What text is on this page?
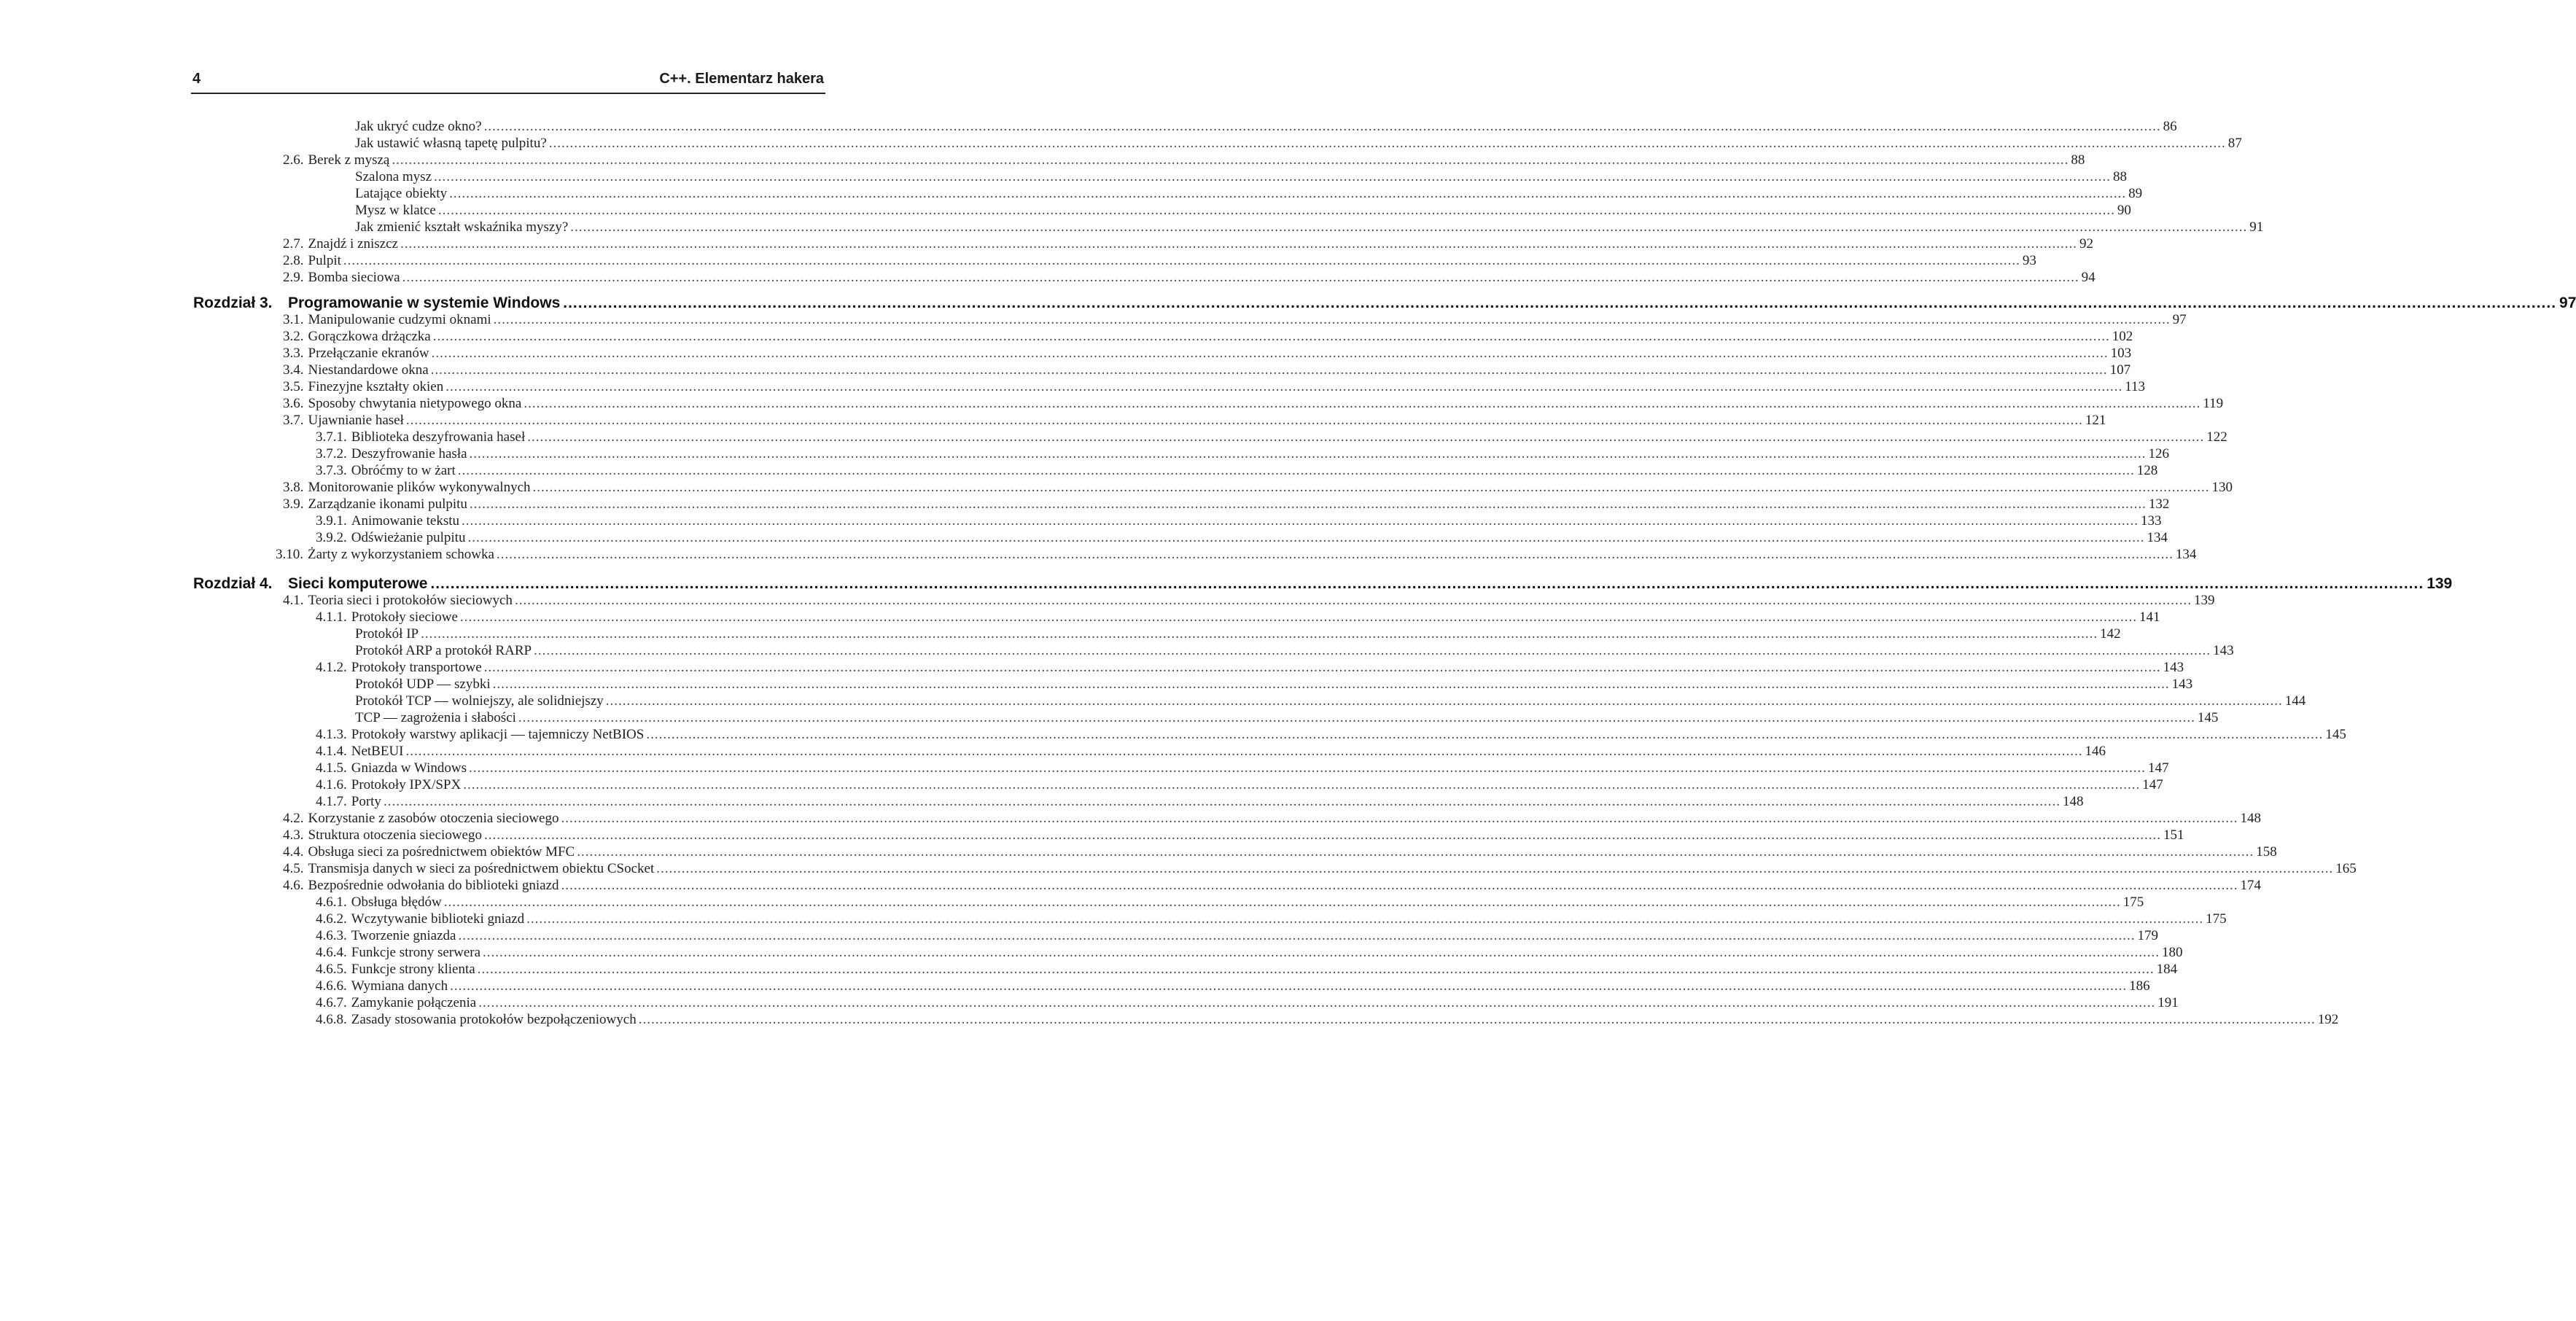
4	C++. Elementarz hakera
Jak ukryć cudze okno? ................................................................................................................................................................................................................................................................................................................................................................................................................ 86
Jak ustawić własną tapetę pulpitu? ................................................................................................................................................................................................................................................................................................................................................................................................................ 87
2.6. Berek z myszą ................................................................................................................................................................................................................................................................................................................................................................................................................ 88
Szalona mysz ................................................................................................................................................................................................................................................................................................................................................................................................................ 88
Latające obiekty ................................................................................................................................................................................................................................................................................................................................................................................................................ 89
Mysz w klatce ................................................................................................................................................................................................................................................................................................................................................................................................................ 90
Jak zmienić kształt wskaźnika myszy? ................................................................................................................................................................................................................................................................................................................................................................................................................ 91
2.7. Znajdź i zniszcz ................................................................................................................................................................................................................................................................................................................................................................................................................ 92
2.8. Pulpit ................................................................................................................................................................................................................................................................................................................................................................................................................ 93
2.9. Bomba sieciowa ................................................................................................................................................................................................................................................................................................................................................................................................................ 94
Rozdział 3. Programowanie w systemie Windows ................................................................................................................................................................................................................................................................................................................................................................................................................ 97
3.1. Manipulowanie cudzymi oknami ................................................................................................................................................................................................................................................................................................................................................................................................................ 97
3.2. Gorączkowa drżączka ................................................................................................................................................................................................................................................................................................................................................................................................................ 102
3.3. Przełączanie ekranów ................................................................................................................................................................................................................................................................................................................................................................................................................ 103
3.4. Niestandardowe okna ................................................................................................................................................................................................................................................................................................................................................................................................................ 107
3.5. Finezyjne kształty okien ................................................................................................................................................................................................................................................................................................................................................................................................................ 113
3.6. Sposoby chwytania nietypowego okna ................................................................................................................................................................................................................................................................................................................................................................................................................ 119
3.7. Ujawnianie haseł ................................................................................................................................................................................................................................................................................................................................................................................................................ 121
3.7.1. Biblioteka deszyfrowania haseł ................................................................................................................................................................................................................................................................................................................................................................................................................ 122
3.7.2. Deszyfrowanie hasła ................................................................................................................................................................................................................................................................................................................................................................................................................ 126
3.7.3. Obróćmy to w żart ................................................................................................................................................................................................................................................................................................................................................................................................................ 128
3.8. Monitorowanie plików wykonywalnych ................................................................................................................................................................................................................................................................................................................................................................................................................ 130
3.9. Zarządzanie ikonami pulpitu ................................................................................................................................................................................................................................................................................................................................................................................................................ 132
3.9.1. Animowanie tekstu ................................................................................................................................................................................................................................................................................................................................................................................................................ 133
3.9.2. Odświeżanie pulpitu ................................................................................................................................................................................................................................................................................................................................................................................................................ 134
3.10. Żarty z wykorzystaniem schowka ................................................................................................................................................................................................................................................................................................................................................................................................................ 134
Rozdział 4. Sieci komputerowe ................................................................................................................................................................................................................................................................................................................................................................................................................ 139
4.1. Teoria sieci i protokołów sieciowych ................................................................................................................................................................................................................................................................................................................................................................................................................ 139
4.1.1. Protokoły sieciowe ................................................................................................................................................................................................................................................................................................................................................................................................................ 141
Protokół IP ................................................................................................................................................................................................................................................................................................................................................................................................................ 142
Protokół ARP a protokół RARP ................................................................................................................................................................................................................................................................................................................................................................................................................ 143
4.1.2. Protokoły transportowe ................................................................................................................................................................................................................................................................................................................................................................................................................ 143
Protokół UDP — szybki ................................................................................................................................................................................................................................................................................................................................................................................................................ 143
Protokół TCP — wolniejszy, ale solidniejszy ................................................................................................................................................................................................................................................................................................................................................................................................................ 144
TCP — zagrożenia i słabości ................................................................................................................................................................................................................................................................................................................................................................................................................ 145
4.1.3. Protokoły warstwy aplikacji — tajemniczy NetBIOS ................................................................................................................................................................................................................................................................................................................................................................................................................ 145
4.1.4. NetBEUI ................................................................................................................................................................................................................................................................................................................................................................................................................ 146
4.1.5. Gniazda w Windows ................................................................................................................................................................................................................................................................................................................................................................................................................ 147
4.1.6. Protokoły IPX/SPX ................................................................................................................................................................................................................................................................................................................................................................................................................ 147
4.1.7. Porty ................................................................................................................................................................................................................................................................................................................................................................................................................ 148
4.2. Korzystanie z zasobów otoczenia sieciowego ................................................................................................................................................................................................................................................................................................................................................................................................................ 148
4.3. Struktura otoczenia sieciowego ................................................................................................................................................................................................................................................................................................................................................................................................................ 151
4.4. Obsługa sieci za pośrednictwem obiektów MFC ................................................................................................................................................................................................................................................................................................................................................................................................................ 158
4.5. Transmisja danych w sieci za pośrednictwem obiektu CSocket ................................................................................................................................................................................................................................................................................................................................................................................................................ 165
4.6. Bezpośrednie odwołania do biblioteki gniazd ................................................................................................................................................................................................................................................................................................................................................................................................................ 174
4.6.1. Obsługa błędów ................................................................................................................................................................................................................................................................................................................................................................................................................ 175
4.6.2. Wczytywanie biblioteki gniazd ................................................................................................................................................................................................................................................................................................................................................................................................................ 175
4.6.3. Tworzenie gniazda ................................................................................................................................................................................................................................................................................................................................................................................................................ 179
4.6.4. Funkcje strony serwera ................................................................................................................................................................................................................................................................................................................................................................................................................ 180
4.6.5. Funkcje strony klienta ................................................................................................................................................................................................................................................................................................................................................................................................................ 184
4.6.6. Wymiana danych ................................................................................................................................................................................................................................................................................................................................................................................................................ 186
4.6.7. Zamykanie połączenia ................................................................................................................................................................................................................................................................................................................................................................................................................ 191
4.6.8. Zasady stosowania protokołów bezpołączeniowych ................................................................................................................................................................................................................................................................................................................................................................................................................ 192
